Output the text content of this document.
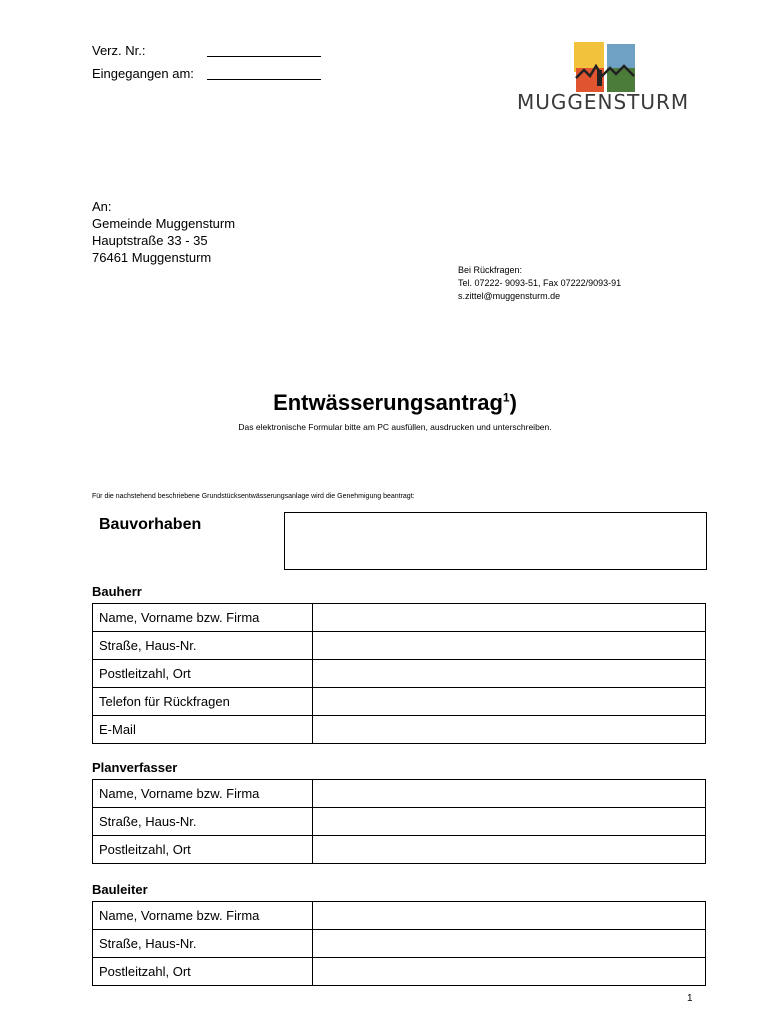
Verz. Nr.:
Eingegangen am:
MUGGENSTURM
An:
Gemeinde Muggensturm
Hauptstraße 33 - 35
76461 Muggensturm
Bei Rückfragen:
Tel. 07222- 9093-51, Fax 07222/9093-91
s.zittel@muggensturm.de
Entwässerungsantrag$^1$)
Das elektronische Formular bitte am PC ausfüllen, ausdrucken und unterschreiben.
Für die nachstehend beschriebene Grundstücksentwässerungsanlage wird die Genehmigung beantragt:
Bauvorhaben
Bauherr
Name, Vorname bzw. Firma	
Straße, Haus-Nr.	
Postleitzahl, Ort	
Telefon für Rückfragen	
E-Mail	
Planverfasser
Name, Vorname bzw. Firma	
Straße, Haus-Nr.	
Postleitzahl, Ort	
Bauleiter
Name, Vorname bzw. Firma	
Straße, Haus-Nr.	
Postleitzahl, Ort	
1
